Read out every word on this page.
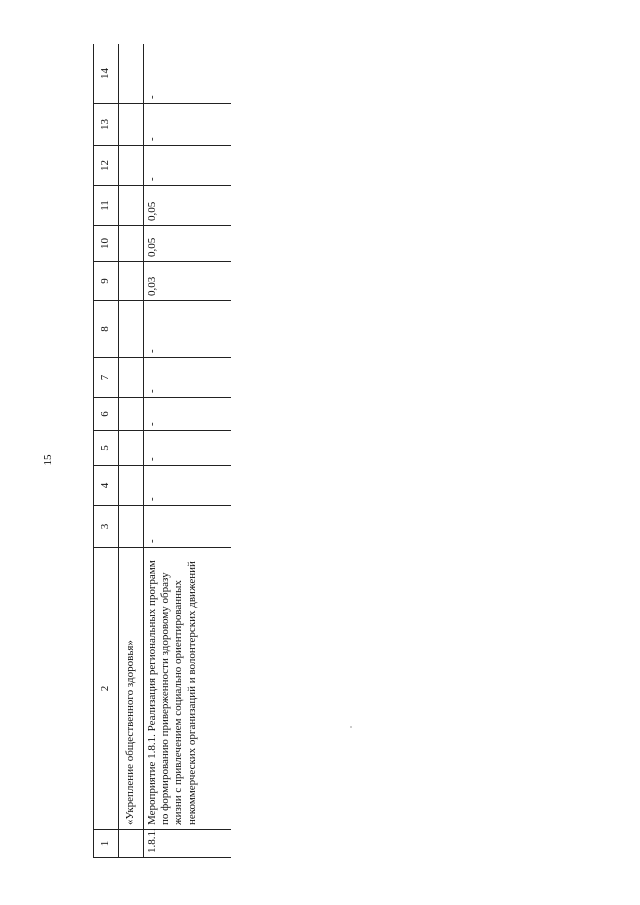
15
1	2	3	4	5	6	7	8	9	10	11	12	13	14
	«Укрепление общественного здоровья»												
1.8.1.	Мероприятие 1.8.1. Реализация региональных программ по формированию приверженности здоровому образу жизни с привлечением социально ориентированных некоммерческих организаций и волонтерских движений	-	-	-	-	-	-	0,03	0,05	0,05	-	-	-
